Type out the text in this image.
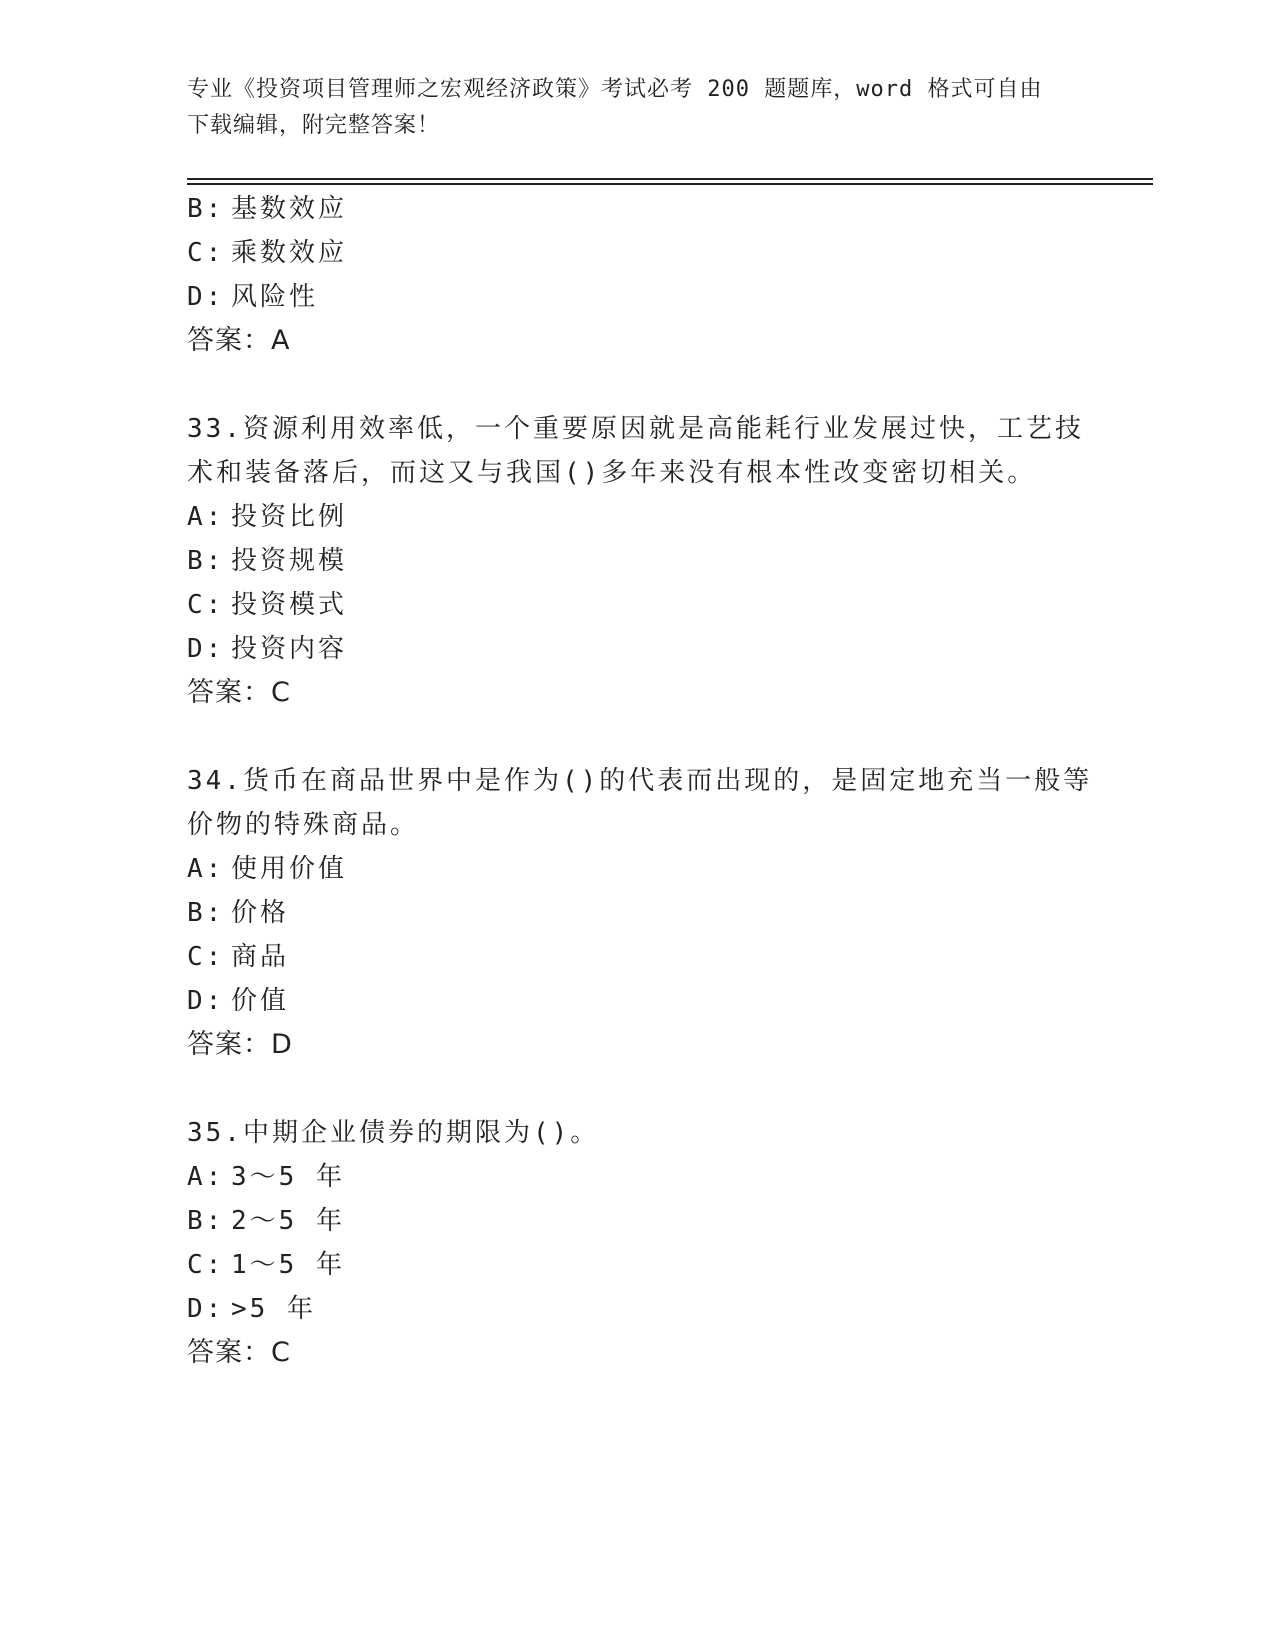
专业《投资项目管理师之宏观经济政策》考试必考 200 题题库，word 格式可自由
下载编辑，附完整答案！
B: 基数效应
C: 乘数效应
D: 风险性
答案：A
33.资源利用效率低，一个重要原因就是高能耗行业发展过快，工艺技
术和装备落后，而这又与我国()多年来没有根本性改变密切相关。
A: 投资比例
B: 投资规模
C: 投资模式
D: 投资内容
答案：C
34.货币在商品世界中是作为()的代表而出现的，是固定地充当一般等
价物的特殊商品。
A: 使用价值
B: 价格
C: 商品
D: 价值
答案：D
35.中期企业债券的期限为()。
A: 3～5 年
B: 2～5 年
C: 1～5 年
D: >5 年
答案：C
